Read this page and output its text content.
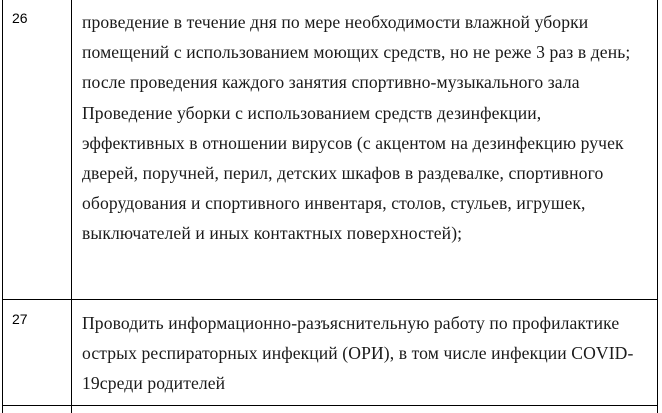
26	проведение в течение дня по мере необходимости влажной уборки помещений с использованием моющих средств, но не реже 3 раз в день; после проведения каждого занятия спортивно-музыкального зала Проведение уборки с использованием средств дезинфекции, эффективных в отношении вирусов (с акцентом на дезинфекцию ручек дверей, поручней, перил, детских шкафов в раздевалке, спортивного оборудования и спортивного инвентаря, столов, стульев, игрушек, выключателей и иных контактных поверхностей);

27	Проводить информационно-разъяснительную работу по профилактике острых респираторных инфекций (ОРИ), в том числе инфекции COVID-19среди родителей
